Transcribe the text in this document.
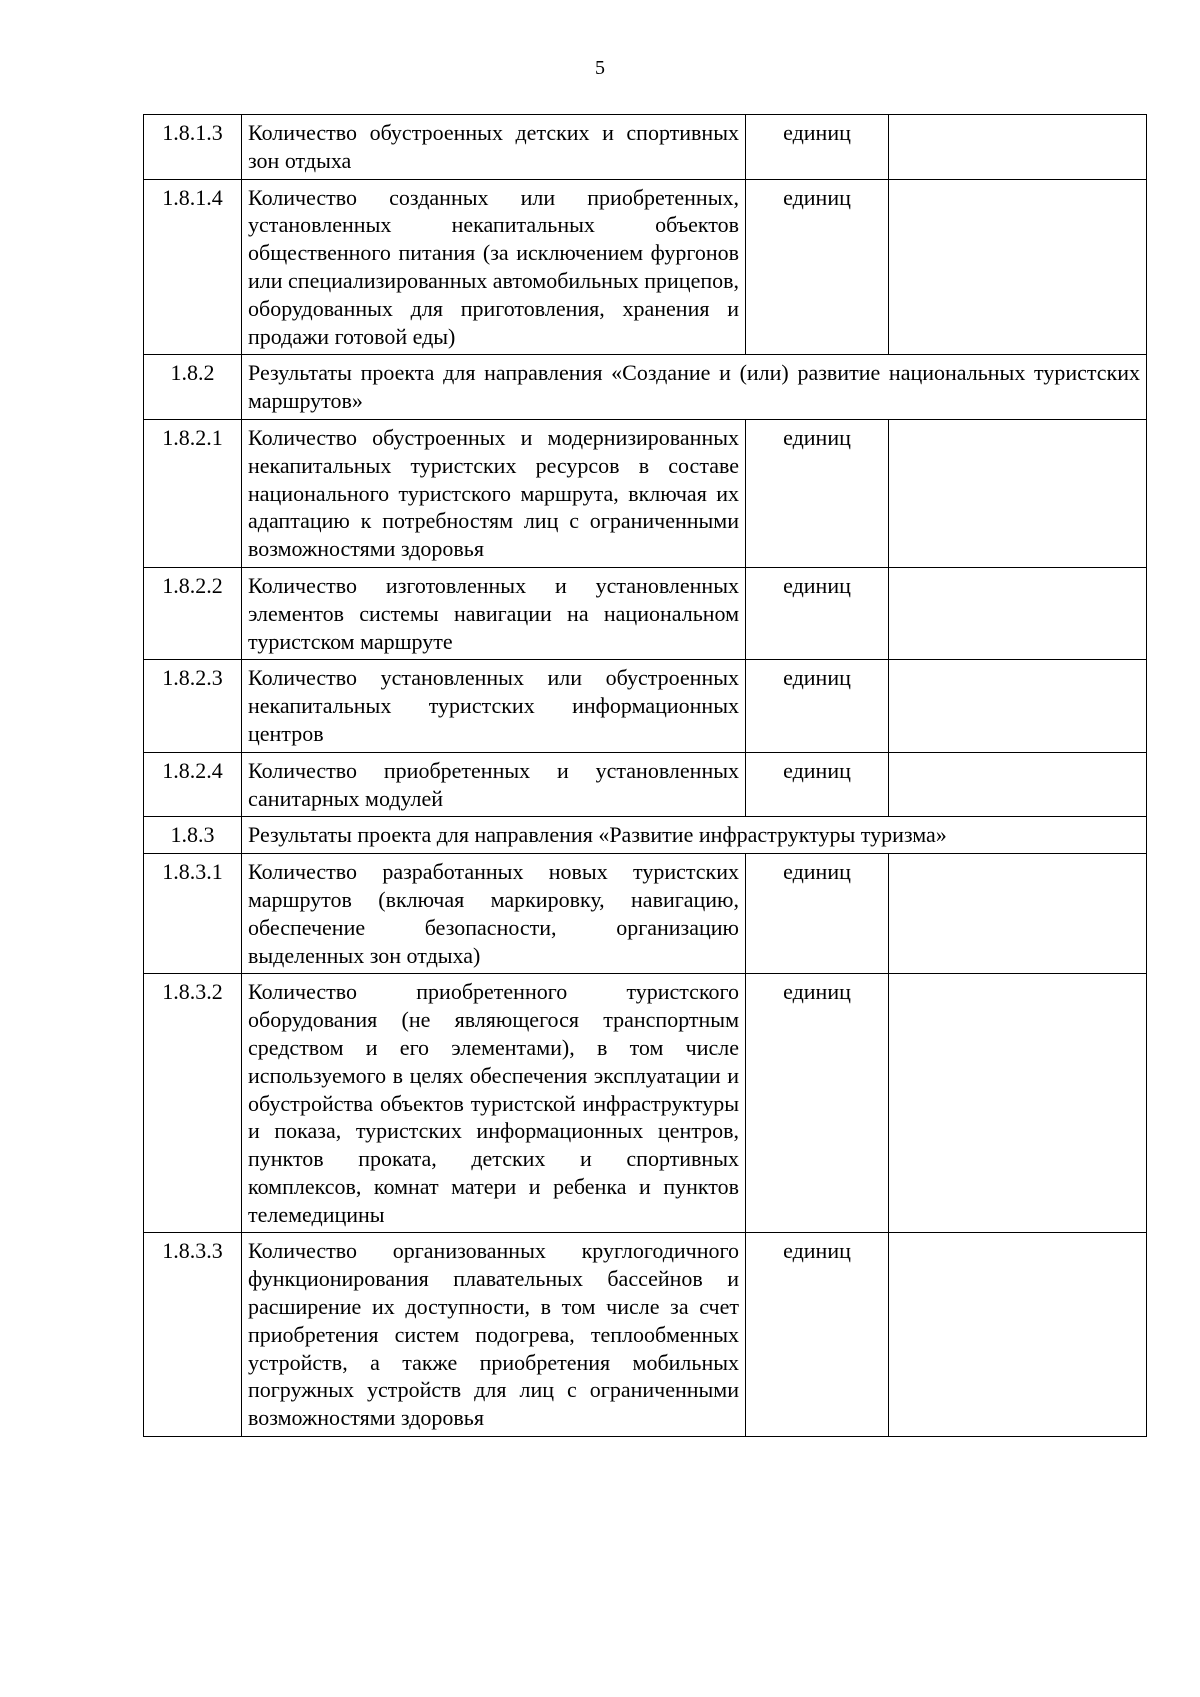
5
1.8.1.3	Количество обустроенных детских и спортивных зон отдыха	единиц	
1.8.1.4	Количество созданных или приобретенных, установленных некапитальных объектов общественного питания (за исключением фургонов или специализированных автомобильных прицепов, оборудованных для приготовления, хранения и продажи готовой еды)	единиц	
1.8.2	Результаты проекта для направления «Создание и (или) развитие национальных туристских маршрутов»		
1.8.2.1	Количество обустроенных и модернизированных некапитальных туристских ресурсов в составе национального туристского маршрута, включая их адаптацию к потребностям лиц с ограниченными возможностями здоровья	единиц	
1.8.2.2	Количество изготовленных и установленных элементов системы навигации на национальном туристском маршруте	единиц	
1.8.2.3	Количество установленных или обустроенных некапитальных туристских информационных центров	единиц	
1.8.2.4	Количество приобретенных и установленных санитарных модулей	единиц	
1.8.3	Результаты проекта для направления «Развитие инфраструктуры туризма»		
1.8.3.1	Количество разработанных новых туристских маршрутов (включая маркировку, навигацию, обеспечение безопасности, организацию выделенных зон отдыха)	единиц	
1.8.3.2	Количество приобретенного туристского оборудования (не являющегося транспортным средством и его элементами), в том числе используемого в целях обеспечения эксплуатации и обустройства объектов туристской инфраструктуры и показа, туристских информационных центров, пунктов проката, детских и спортивных комплексов, комнат матери и ребенка и пунктов телемедицины	единиц	
1.8.3.3	Количество организованных круглогодичного функционирования плавательных бассейнов и расширение их доступности, в том числе за счет приобретения систем подогрева, теплообменных устройств, а также приобретения мобильных погружных устройств для лиц с ограниченными возможностями здоровья	единиц	
